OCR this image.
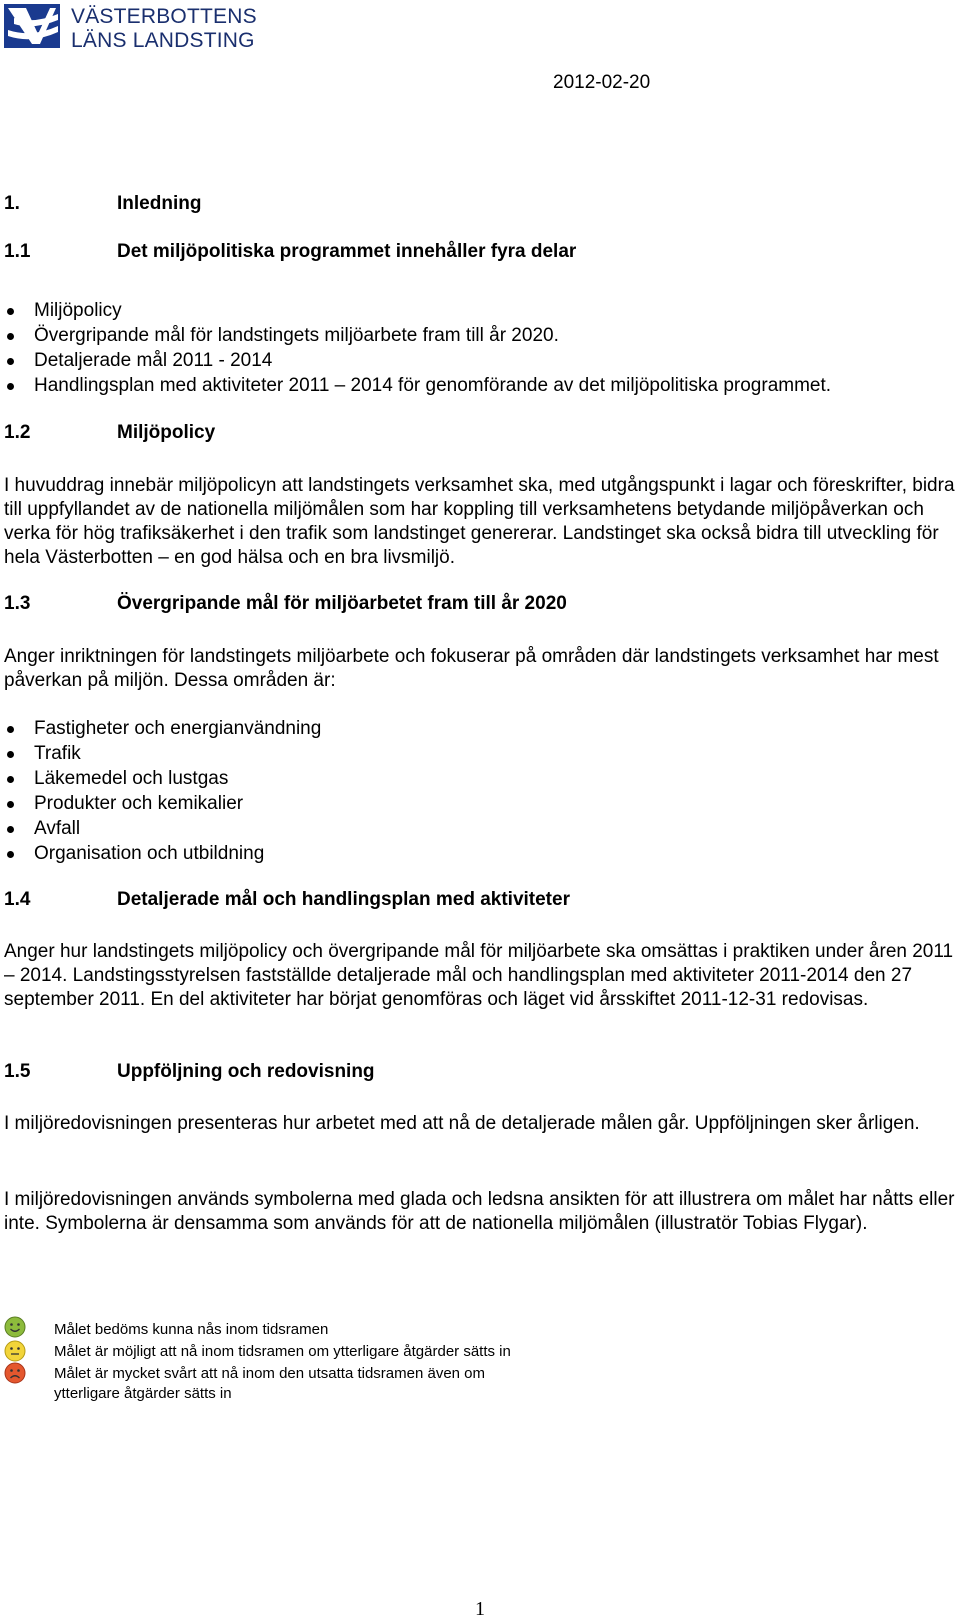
VÄSTERBOTTENS
LÄNS LANDSTING
2012-02-20
1.	Inledning
1.1	Det miljöpolitiska programmet innehåller fyra delar
Miljöpolicy
Övergripande mål för landstingets miljöarbete fram till år 2020.
Detaljerade mål 2011 - 2014
Handlingsplan med aktiviteter 2011 – 2014 för genomförande av det miljöpolitiska programmet.
1.2	Miljöpolicy

I huvuddrag innebär miljöpolicyn att landstingets verksamhet ska, med utgångspunkt i lagar och föreskrifter, bidra till uppfyllandet av de nationella miljömålen som har koppling till verksamhetens betydande miljöpåverkan och verka för hög trafiksäkerhet i den trafik som landstinget genererar. Landstinget ska också bidra till utveckling för hela Västerbotten – en god hälsa och en bra livsmiljö.

1.3	Övergripande mål för miljöarbetet fram till år 2020

Anger inriktningen för landstingets miljöarbete och fokuserar på områden där landstingets verksamhet har mest påverkan på miljön. Dessa områden är:

Fastigheter och energianvändning
Trafik
Läkemedel och lustgas
Produkter och kemikalier
Avfall
Organisation och utbildning
1.4	Detaljerade mål och handlingsplan med aktiviteter

Anger hur landstingets miljöpolicy och övergripande mål för miljöarbete ska omsättas i praktiken under åren 2011 – 2014. Landstingsstyrelsen fastställde detaljerade mål och handlingsplan med aktiviteter 2011-2014 den 27 september 2011. En del aktiviteter har börjat genomföras och läget vid årsskiftet 2011-12-31 redovisas.

1.5	Uppföljning och redovisning

I miljöredovisningen presenteras hur arbetet med att nå de detaljerade målen går. Uppföljningen sker årligen.

I miljöredovisningen används symbolerna med glada och ledsna ansikten för att illustrera om målet har nåtts eller inte. Symbolerna är densamma som används för att de nationella miljömålen (illustratör Tobias Flygar).

Målet bedöms kunna nås inom tidsramen
Målet är möjligt att nå inom tidsramen om ytterligare åtgärder sätts in
Målet är mycket svårt att nå inom den utsatta tidsramen även om
ytterligare åtgärder sätts in
1
